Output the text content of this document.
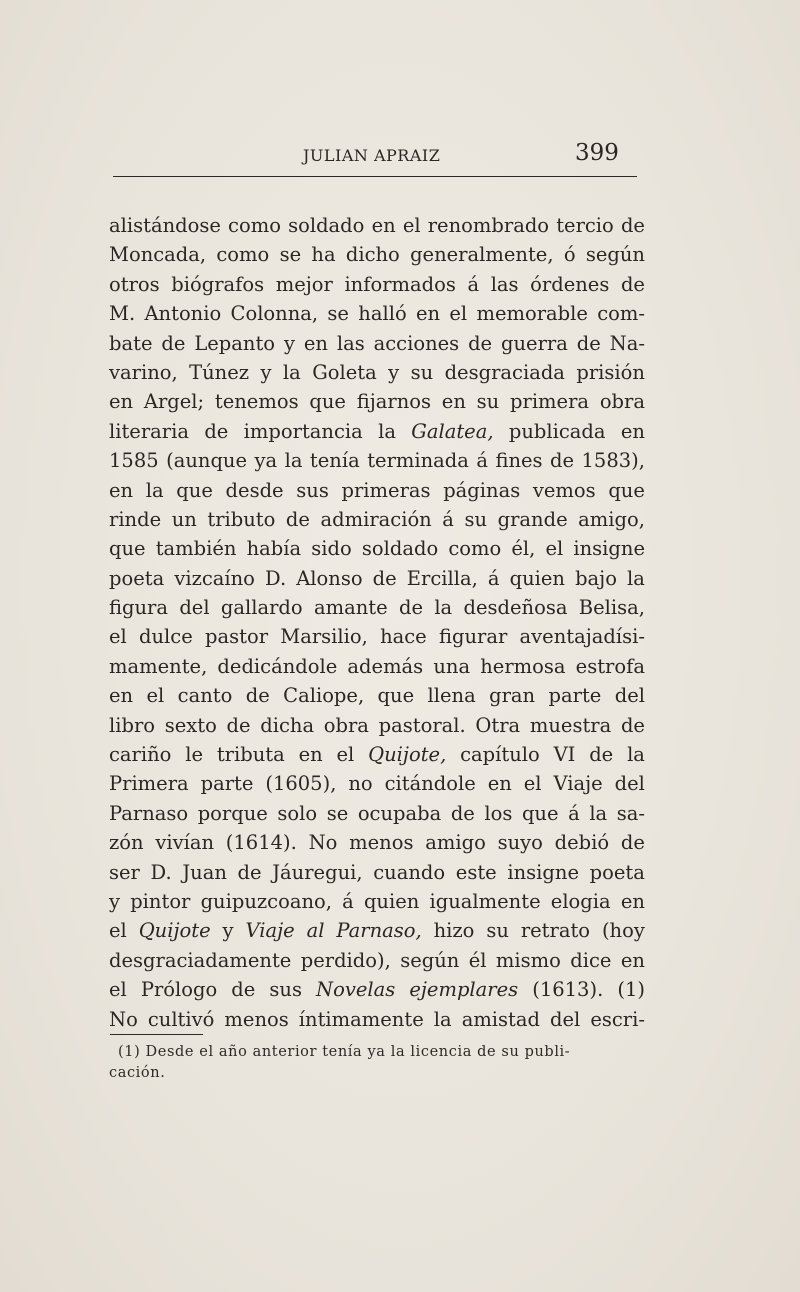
JULIAN APRAIZ	399
alistándose como soldado en el renombrado tercio de
Moncada, como se ha dicho generalmente, ó según
otros biógrafos mejor informados á las órdenes de
M. Antonio Colonna, se halló en el memorable com-
bate de Lepanto y en las acciones de guerra de Na-
varino, Túnez y la Goleta y su desgraciada prisión
en Argel; tenemos que fijarnos en su primera obra
literaria de importancia la Galatea, publicada en
1585 (aunque ya la tenía terminada á fines de 1583),
en la que desde sus primeras páginas vemos que
rinde un tributo de admiración á su grande amigo,
que también había sido soldado como él, el insigne
poeta vizcaíno D. Alonso de Ercilla, á quien bajo la
figura del gallardo amante de la desdeñosa Belisa,
el dulce pastor Marsilio, hace figurar aventajadísi-
mamente, dedicándole además una hermosa estrofa
en el canto de Caliope, que llena gran parte del
libro sexto de dicha obra pastoral. Otra muestra de
cariño le tributa en el Quijote, capítulo VI de la
Primera parte (1605), no citándole en el Viaje del
Parnaso porque solo se ocupaba de los que á la sa-
zón vivían (1614). No menos amigo suyo debió de
ser D. Juan de Jáuregui, cuando este insigne poeta
y pintor guipuzcoano, á quien igualmente elogia en
el Quijote y Viaje al Parnaso, hizo su retrato (hoy
desgraciadamente perdido), según él mismo dice en
el Prólogo de sus Novelas ejemplares (1613). (1)
No cultivó menos íntimamente la amistad del escri-
(1) Desde el año anterior tenía ya la licencia de su publi-
cación.
